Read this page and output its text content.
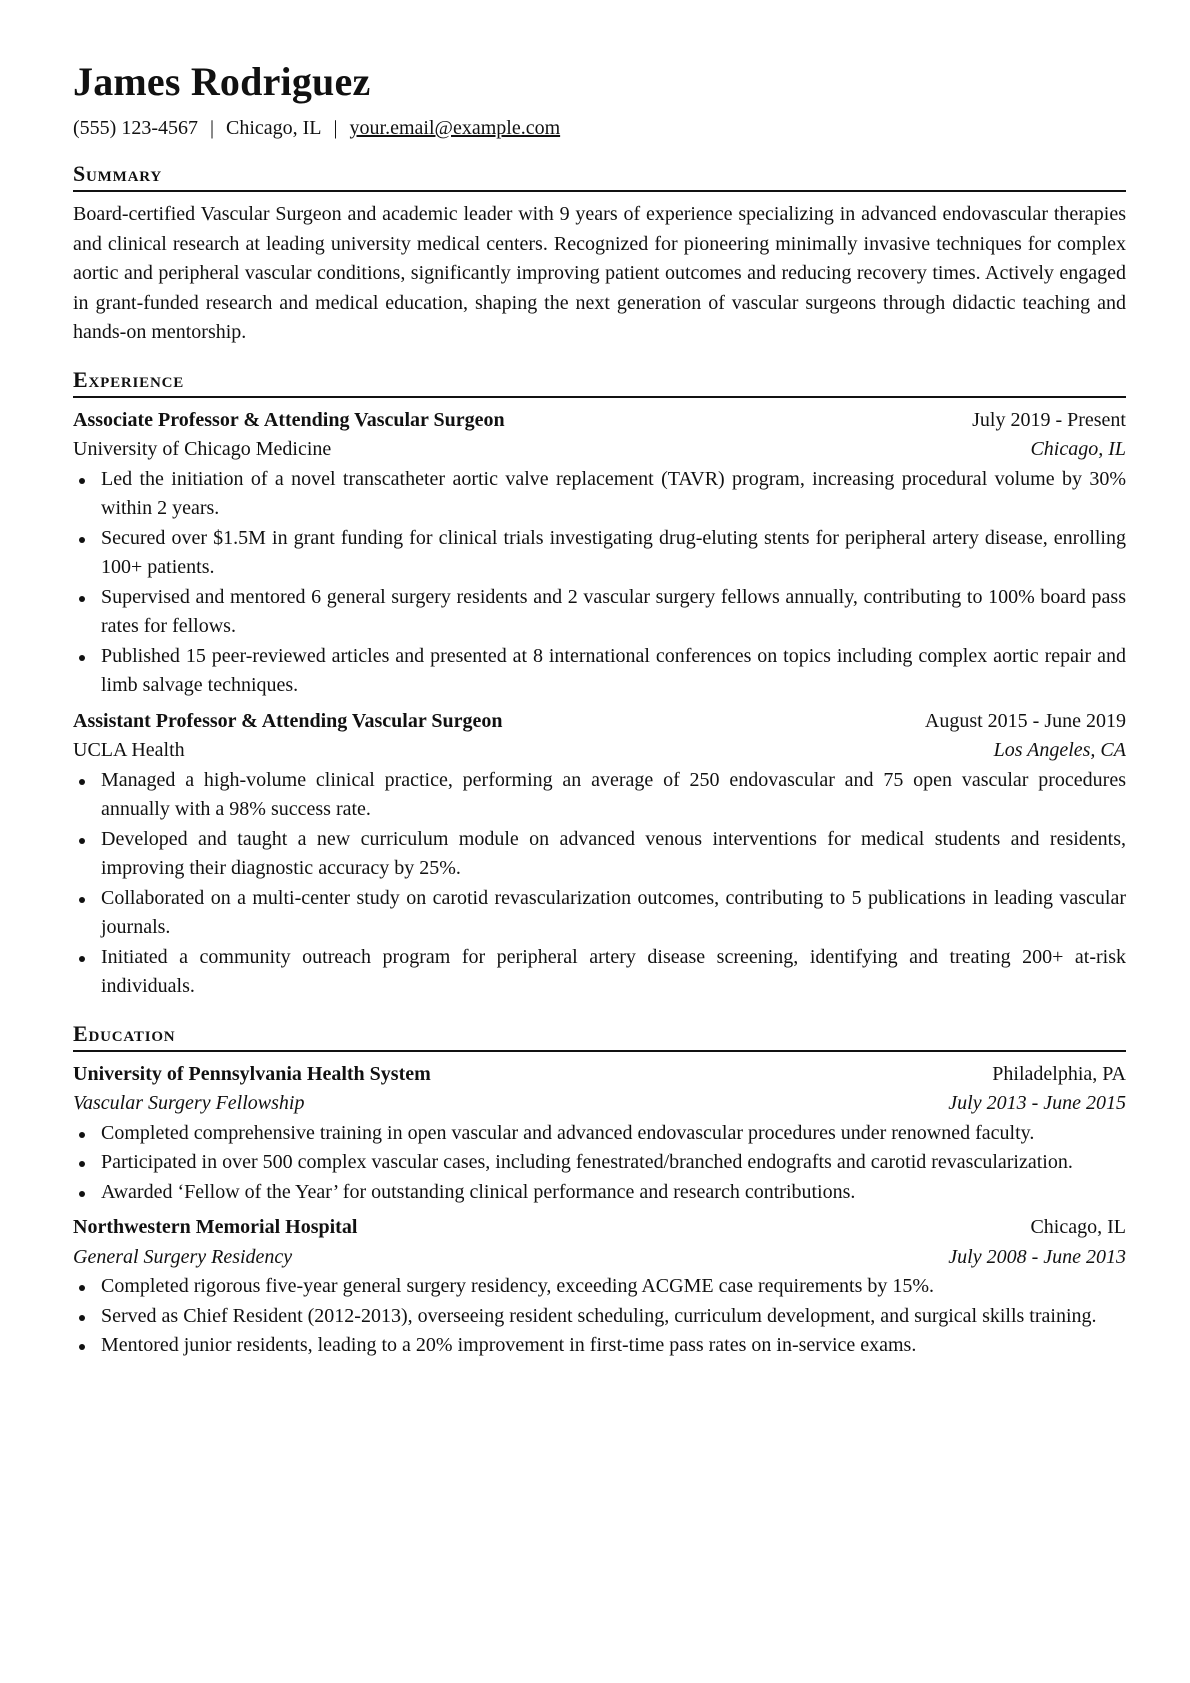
James Rodriguez
(555) 123-4567 | Chicago, IL | your.email@example.com
Summary

Board-certified Vascular Surgeon and academic leader with 9 years of experience specializing in advanced endovascular therapies and clinical research at leading university medical centers. Recognized for pioneering minimally invasive techniques for complex aortic and peripheral vascular conditions, significantly improving patient outcomes and reducing recovery times. Actively engaged in grant-funded research and medical education, shaping the next generation of vascular surgeons through didactic teaching and hands-on mentorship.

Experience
Associate Professor & Attending Vascular Surgeon	July 2019 - Present
University of Chicago Medicine	Chicago, IL
Led the initiation of a novel transcatheter aortic valve replacement (TAVR) program, increasing procedural volume by 30% within 2 years.
Secured over $1.5M in grant funding for clinical trials investigating drug-eluting stents for peripheral artery disease, enrolling 100+ patients.
Supervised and mentored 6 general surgery residents and 2 vascular surgery fellows annually, contributing to 100% board pass rates for fellows.
Published 15 peer-reviewed articles and presented at 8 international conferences on topics including complex aortic repair and limb salvage techniques.
Assistant Professor & Attending Vascular Surgeon	August 2015 - June 2019
UCLA Health	Los Angeles, CA
Managed a high-volume clinical practice, performing an average of 250 endovascular and 75 open vascular procedures annually with a 98% success rate.
Developed and taught a new curriculum module on advanced venous interventions for medical students and residents, improving their diagnostic accuracy by 25%.
Collaborated on a multi-center study on carotid revascularization outcomes, contributing to 5 publications in leading vascular journals.
Initiated a community outreach program for peripheral artery disease screening, identifying and treating 200+ at-risk individuals.
Education
University of Pennsylvania Health System	Philadelphia, PA
Vascular Surgery Fellowship	July 2013 - June 2015
Completed comprehensive training in open vascular and advanced endovascular procedures under renowned faculty.
Participated in over 500 complex vascular cases, including fenestrated/branched endografts and carotid revascularization.
Awarded ‘Fellow of the Year’ for outstanding clinical performance and research contributions.
Northwestern Memorial Hospital	Chicago, IL
General Surgery Residency	July 2008 - June 2013
Completed rigorous five-year general surgery residency, exceeding ACGME case requirements by 15%.
Served as Chief Resident (2012-2013), overseeing resident scheduling, curriculum development, and surgical skills training.
Mentored junior residents, leading to a 20% improvement in first-time pass rates on in-service exams.
